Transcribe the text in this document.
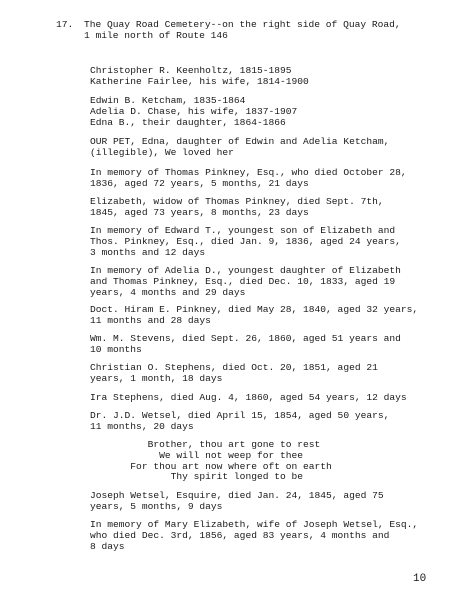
17.

The Quay Road Cemetery--on the right side of Quay Road,
1 mile north of Route 146

Christopher R. Keenholtz, 1815-1895
Katherine Fairlee, his wife, 1814-1900
Edwin B. Ketcham, 1835-1864
Adelia D. Chase, his wife, 1837-1907
Edna B., their daughter, 1864-1866
OUR PET, Edna, daughter of Edwin and Adelia Ketcham,
(illegible), We loved her
In memory of Thomas Pinkney, Esq., who died October 28,
1836, aged 72 years, 5 months, 21 days
Elizabeth, widow of Thomas Pinkney, died Sept. 7th,
1845, aged 73 years, 8 months, 23 days
In memory of Edward T., youngest son of Elizabeth and
Thos. Pinkney, Esq., died Jan. 9, 1836, aged 24 years,
3 months and 12 days
In memory of Adelia D., youngest daughter of Elizabeth
and Thomas Pinkney, Esq., died Dec. 10, 1833, aged 19
years, 4 months and 29 days
Doct. Hiram E. Pinkney, died May 28, 1840, aged 32 years,
11 months and 28 days
Wm. M. Stevens, died Sept. 26, 1860, aged 51 years and
10 months
Christian O. Stephens, died Oct. 20, 1851, aged 21
years, 1 month, 18 days
Ira Stephens, died Aug. 4, 1860, aged 54 years, 12 days
Dr. J.D. Wetsel, died April 15, 1854, aged 50 years,
11 months, 20 days
Brother, thou art gone to rest
We will not weep for thee
For thou art now where oft on earth
Thy spirit longed to be
Joseph Wetsel, Esquire, died Jan. 24, 1845, aged 75
years, 5 months, 9 days
In memory of Mary Elizabeth, wife of Joseph Wetsel, Esq.,
who died Dec. 3rd, 1856, aged 83 years, 4 months and
8 days
10
